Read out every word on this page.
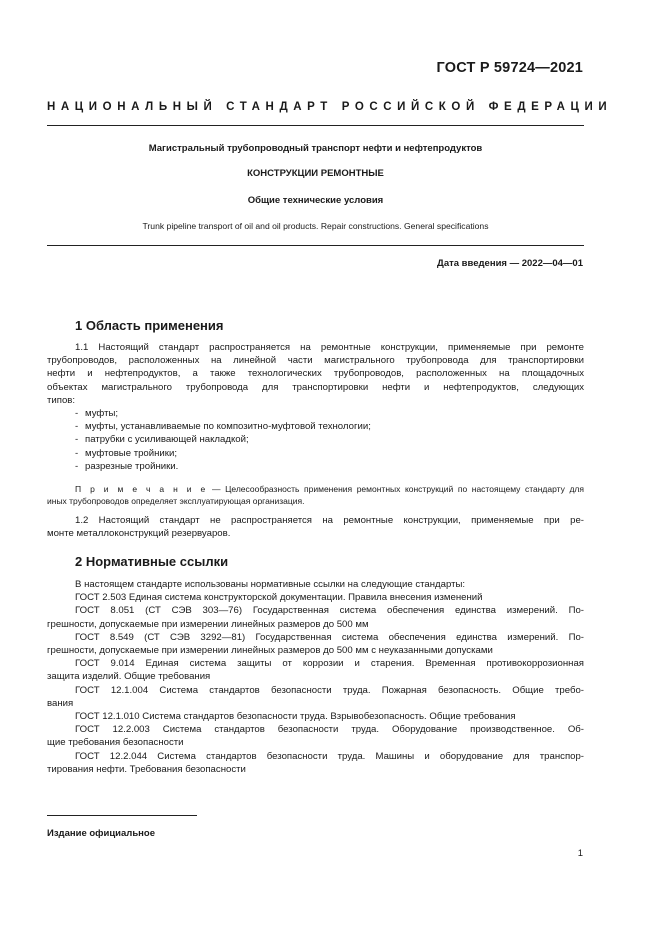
ГОСТ Р 59724—2021
НАЦИОНАЛЬНЫЙ СТАНДАРТ РОССИЙСКОЙ ФЕДЕРАЦИИ
Магистральный трубопроводный транспорт нефти и нефтепродуктов
КОНСТРУКЦИИ РЕМОНТНЫЕ
Общие технические условия
Trunk pipeline transport of oil and oil products. Repair constructions. General specifications
Дата введения — 2022—04—01
1 Область применения

1.1 Настоящий стандарт распространяется на ремонтные конструкции, применяемые при ремонте

трубопроводов, расположенных на линейной части магистрального трубопровода для транспортировки

нефти и нефтепродуктов, а также технологических трубопроводов, расположенных на площадочных

объектах магистрального трубопровода для транспортировки нефти и нефтепродуктов, следующих

типов:

- муфты;

- муфты, устанавливаемые по композитно-муфтовой технологии;

- патрубки с усиливающей накладкой;

- муфтовые тройники;

- разрезные тройники.

П р и м е ч а н и е — Целесообразность применения ремонтных конструкций по настоящему стандарту для

иных трубопроводов определяет эксплуатирующая организация.

1.2 Настоящий стандарт не распространяется на ремонтные конструкции, применяемые при ре-

монте металлоконструкций резервуаров.

2 Нормативные ссылки

В настоящем стандарте использованы нормативные ссылки на следующие стандарты:

ГОСТ 2.503 Единая система конструкторской документации. Правила внесения изменений

ГОСТ 8.051 (СТ СЭВ 303—76) Государственная система обеспечения единства измерений. По-

грешности, допускаемые при измерении линейных размеров до 500 мм

ГОСТ 8.549 (СТ СЭВ 3292—81) Государственная система обеспечения единства измерений. По-

грешности, допускаемые при измерении линейных размеров до 500 мм с неуказанными допусками

ГОСТ 9.014 Единая система защиты от коррозии и старения. Временная противокоррозионная

защита изделий. Общие требования

ГОСТ 12.1.004 Система стандартов безопасности труда. Пожарная безопасность. Общие требо-

вания

ГОСТ 12.1.010 Система стандартов безопасности труда. Взрывобезопасность. Общие требования

ГОСТ 12.2.003 Система стандартов безопасности труда. Оборудование производственное. Об-

щие требования безопасности

ГОСТ 12.2.044 Система стандартов безопасности труда. Машины и оборудование для транспор-

тирования нефти. Требования безопасности

Издание официальное
1
